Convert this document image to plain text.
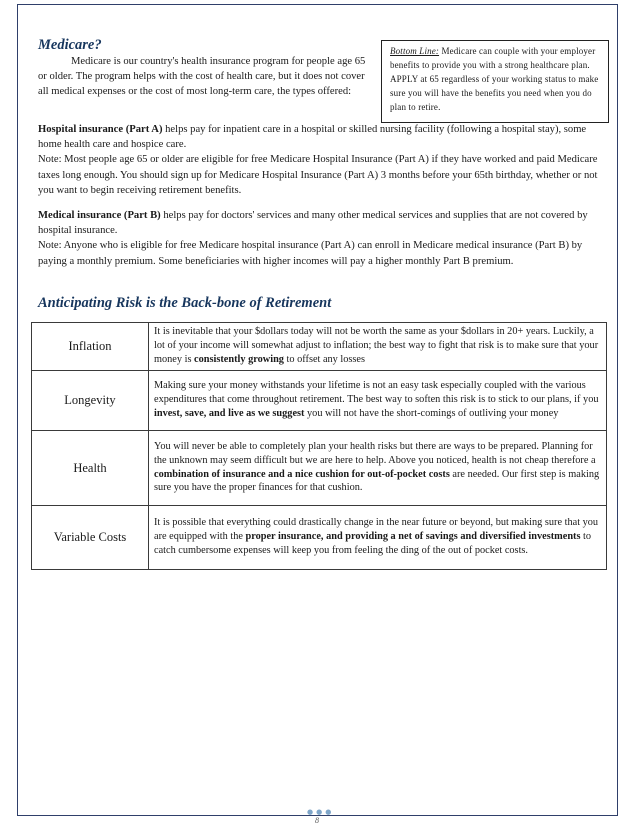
Medicare?

Medicare is our country's health insurance program for people age 65 or older. The program helps with the cost of health care, but it does not cover all medical expenses or the cost of most long-term care, the types offered:

Bottom Line: Medicare can couple with your employer benefits to provide you with a strong healthcare plan. APPLY at 65 regardless of your working status to make sure you will have the benefits you need when you do plan to retire.

Hospital insurance (Part A) helps pay for inpatient care in a hospital or skilled nursing facility (following a hospital stay), some home health care and hospice care.

Note: Most people age 65 or older are eligible for free Medicare Hospital Insurance (Part A) if they have worked and paid Medicare taxes long enough. You should sign up for Medicare Hospital Insurance (Part A) 3 months before your 65th birthday, whether or not you want to begin receiving retirement benefits.

Medical insurance (Part B) helps pay for doctors' services and many other medical services and supplies that are not covered by hospital insurance.

Note: Anyone who is eligible for free Medicare hospital insurance (Part A) can enroll in Medicare medical insurance (Part B) by paying a monthly premium. Some beneficiaries with higher incomes will pay a higher monthly Part B premium.

Anticipating Risk is the Back-bone of Retirement
Inflation	It is inevitable that your $dollars today will not be worth the same as your $dollars in 20+ years. Luckily, a lot of your income will somewhat adjust to inflation; the best way to fight that risk is to make sure that your money is consistently growing to offset any losses
Longevity	Making sure your money withstands your lifetime is not an easy task especially coupled with the various expenditures that come throughout retirement. The best way to soften this risk is to stick to our plans, if you invest, save, and live as we suggest you will not have the short-comings of outliving your money
Health	You will never be able to completely plan your health risks but there are ways to be prepared. Planning for the unknown may seem difficult but we are here to help. Above you noticed, health is not cheap therefore a combination of insurance and a nice cushion for out-of-pocket costs are needed. Our first step is making sure you have the proper finances for that cushion.
Variable Costs	It is possible that everything could drastically change in the near future or beyond, but making sure that you are equipped with the proper insurance, and providing a net of savings and diversified investments to catch cumbersome expenses will keep you from feeling the ding of the out of pocket costs.
●●●
8
